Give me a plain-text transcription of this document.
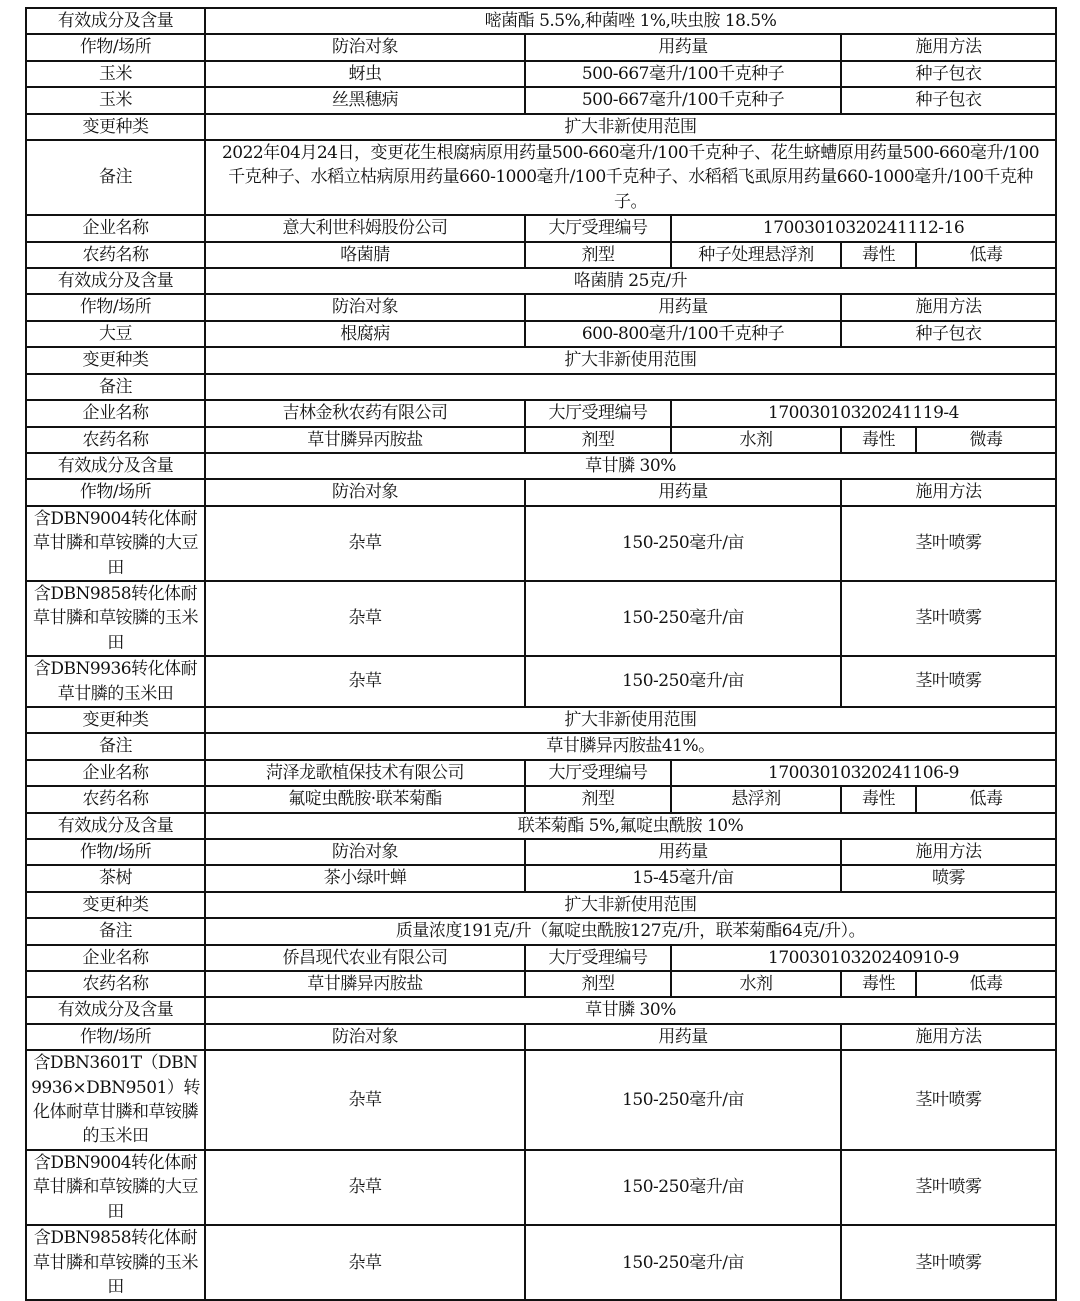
有效成分及含量	嘧菌酯 5.5%,种菌唑 1%,呋虫胺 18.5%				
作物/场所	防治对象	用药量		施用方法	
玉米	蚜虫	500-667毫升/100千克种子		种子包衣	
玉米	丝黑穗病	500-667毫升/100千克种子		种子包衣	
变更种类	扩大非新使用范围				
备注	2022年04月24日，变更花生根腐病原用药量500-660毫升/100千克种子、花生蛴螬原用药量500-660毫升/100千克种子、水稻立枯病原用药量660-1000毫升/100千克种子、水稻稻飞虱原用药量660-1000毫升/100千克种子。				
企业名称	意大利世科姆股份公司	大厅受理编号	17003010320241112-16		
农药名称	咯菌腈	剂型	种子处理悬浮剂	毒性	低毒
有效成分及含量	咯菌腈 25克/升				
作物/场所	防治对象	用药量		施用方法	
大豆	根腐病	600-800毫升/100千克种子		种子包衣	
变更种类	扩大非新使用范围				
备注					
企业名称	吉林金秋农药有限公司	大厅受理编号	17003010320241119-4		
农药名称	草甘膦异丙胺盐	剂型	水剂	毒性	微毒
有效成分及含量	草甘膦 30%				
作物/场所	防治对象	用药量		施用方法	
含DBN9004转化体耐草甘膦和草铵膦的大豆田	杂草	150-250毫升/亩		茎叶喷雾	
含DBN9858转化体耐草甘膦和草铵膦的玉米田	杂草	150-250毫升/亩		茎叶喷雾	
含DBN9936转化体耐草甘膦的玉米田	杂草	150-250毫升/亩		茎叶喷雾	
变更种类	扩大非新使用范围				
备注	草甘膦异丙胺盐41%。				
企业名称	菏泽龙歌植保技术有限公司	大厅受理编号	17003010320241106-9		
农药名称	氟啶虫酰胺·联苯菊酯	剂型	悬浮剂	毒性	低毒
有效成分及含量	联苯菊酯 5%,氟啶虫酰胺 10%				
作物/场所	防治对象	用药量		施用方法	
茶树	茶小绿叶蝉	15-45毫升/亩		喷雾	
变更种类	扩大非新使用范围				
备注	质量浓度191克/升（氟啶虫酰胺127克/升，联苯菊酯64克/升）。				
企业名称	侨昌现代农业有限公司	大厅受理编号	17003010320240910-9		
农药名称	草甘膦异丙胺盐	剂型	水剂	毒性	低毒
有效成分及含量	草甘膦 30%				
作物/场所	防治对象	用药量		施用方法	
含DBN3601T（DBN9936×DBN9501）转化体耐草甘膦和草铵膦的玉米田	杂草	150-250毫升/亩		茎叶喷雾	
含DBN9004转化体耐草甘膦和草铵膦的大豆田	杂草	150-250毫升/亩		茎叶喷雾	
含DBN9858转化体耐草甘膦和草铵膦的玉米田	杂草	150-250毫升/亩		茎叶喷雾	
